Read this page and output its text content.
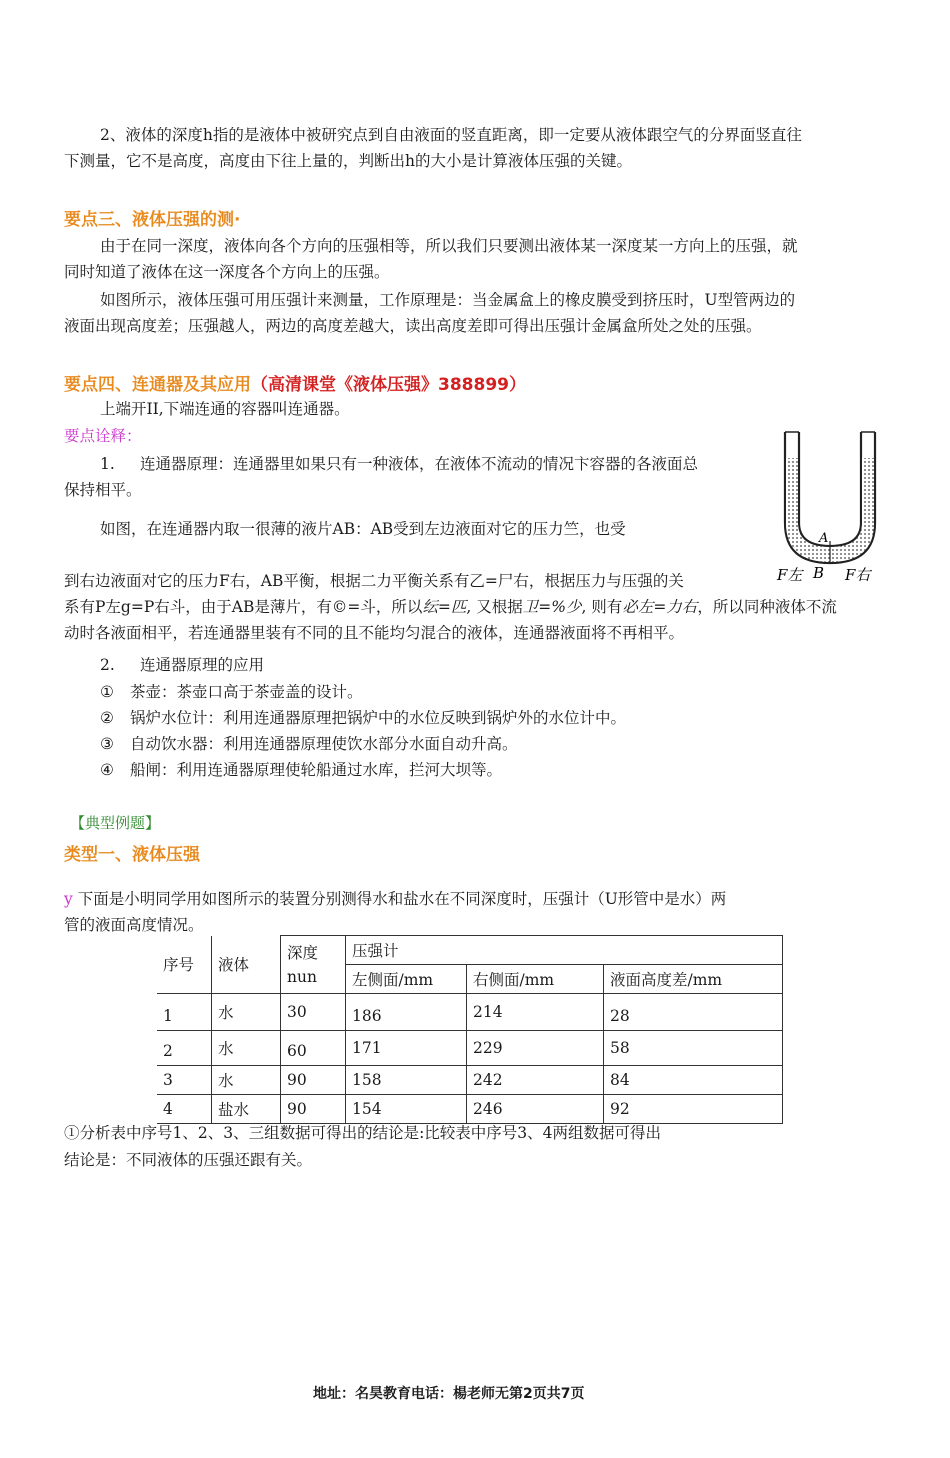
2、液体的深度h指的是液体中被研究点到自由液面的竖直距离，即一定要从液体跟空气的分界面竖直往
下测量，它不是高度，高度由下往上量的，判断出h的大小是计算液体压强的关键。
要点三、液体压强的测·
由于在同一深度，液体向各个方向的压强相等，所以我们只要测出液体某一深度某一方向上的压强，就
同时知道了液体在这一深度各个方向上的压强。
如图所示，液体压强可用压强计来测量，工作原理是：当金属盒上的橡皮膜受到挤压时，U型管两边的
液面出现高度差；压强越人，两边的高度差越大，读出高度差即可得出压强计金属盒所处之处的压强。
要点四、连通器及其应用（高清课堂《液体压强》388899）
上端开II,下端连通的容器叫连通器。
要点诠释：
1. 连通器原理：连通器里如果只有一种液体，在液体不流动的情况卞容器的各液面总
保持相平。
如图，在连通器内取一很薄的液片AB：AB受到左边液面对它的压力竺，也受
A
B
F左	F右
到右边液面对它的压力F右，AB平衡，根据二力平衡关系有乙=尸右，根据压力与压强的关
系有P左g=P右斗，由于AB是薄片，有©=斗，所以纭=匹, 又根据卫=%少, 则有必左=力右，所以同种液体不流
动时各液面相平，若连通器里装有不同的且不能均匀混合的液体，连通器液面将不再相平。
2. 连通器原理的应用
① 茶壶：茶壶口高于茶壶盖的设计。
② 锅炉水位计：利用连通器原理把锅炉中的水位反映到锅炉外的水位计中。
③ 自动饮水器：利用连通器原理使饮水部分水面自动升高。
④ 船闸：利用连通器原理使轮船通过水库，拦河大坝等。
【典型例题】
类型一、液体压强
y 下面是小明同学用如图所示的装置分别测得水和盐水在不同深度时，压强计（U形管中是水）两
管的液面高度情况。
序号	液体	深度
nun	压强计		
			左侧面/mm	右侧面/mm	液面高度差/mm
1	水	30	186	214	28
2	水	60	171	229	58
3	水	90	158	242	84
4	盐水	90	154	246	92
①分析表中序号1、2、3、三组数据可得出的结论是:比较表中序号3、4两组数据可得出
结论是：不同液体的压强还跟有关。
地址：名昊教育电话：楊老师无第2页共7页
